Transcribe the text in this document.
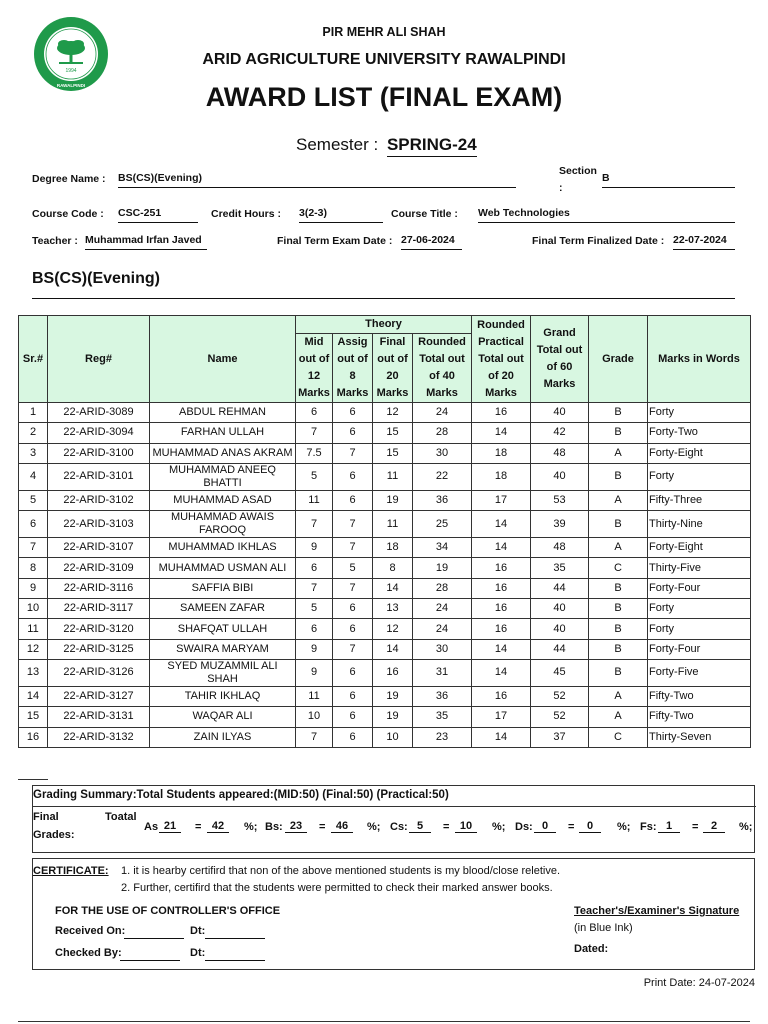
1994
RAWALPINDI
PIR MEHR ALI SHAH
ARID AGRICULTURE UNIVERSITY RAWALPINDI
AWARD LIST (FINAL EXAM)
Semester : SPRING-24
Degree Name : BS(CS)(Evening)
Section
:
B
Course Code : CSC-251	Credit Hours : 3(2-3)	Course Title : Web Technologies
Teacher : Muhammad Irfan Javed	Final Term Exam Date : 27-06-2024	Final Term Finalized Date : 22-07-2024
BS(CS)(Evening)
Sr.#	Reg#	Name	Theory				Rounded Practical Total out of 20 Marks	Grand Total out of 60 Marks	Grade	Marks in Words
			Mid out of 12 Marks	Assig out of 8 Marks	Final out of 20 Marks	Rounded Total out of 40 Marks				
1	22-ARID-3089	ABDUL REHMAN	6	6	12	24	16	40	B	Forty
2	22-ARID-3094	FARHAN ULLAH	7	6	15	28	14	42	B	Forty-Two
3	22-ARID-3100	MUHAMMAD ANAS AKRAM	7.5	7	15	30	18	48	A	Forty-Eight
4	22-ARID-3101	MUHAMMAD ANEEQ BHATTI	5	6	11	22	18	40	B	Forty
5	22-ARID-3102	MUHAMMAD ASAD	11	6	19	36	17	53	A	Fifty-Three
6	22-ARID-3103	MUHAMMAD AWAIS FAROOQ	7	7	11	25	14	39	B	Thirty-Nine
7	22-ARID-3107	MUHAMMAD IKHLAS	9	7	18	34	14	48	A	Forty-Eight
8	22-ARID-3109	MUHAMMAD USMAN ALI	6	5	8	19	16	35	C	Thirty-Five
9	22-ARID-3116	SAFFIA BIBI	7	7	14	28	16	44	B	Forty-Four
10	22-ARID-3117	SAMEEN ZAFAR	5	6	13	24	16	40	B	Forty
11	22-ARID-3120	SHAFQAT ULLAH	6	6	12	24	16	40	B	Forty
12	22-ARID-3125	SWAIRA MARYAM	9	7	14	30	14	44	B	Forty-Four
13	22-ARID-3126	SYED MUZAMMIL ALI SHAH	9	6	16	31	14	45	B	Forty-Five
14	22-ARID-3127	TAHIR IKHLAQ	11	6	19	36	16	52	A	Fifty-Two
15	22-ARID-3131	WAQAR ALI	10	6	19	35	17	52	A	Fifty-Two
16	22-ARID-3132	ZAIN ILYAS	7	6	10	23	14	37	C	Thirty-Seven
Grading Summary:Total Students appeared:(MID:50) (Final:50) (Practical:50)
Final	Toatal
Grades:
As 21	= 42	%; Bs: 23	= 46	%; Cs: 5	= 10	%; Ds: 0	=	0	%; Fs: 1	=	2	%;
CERTIFICATE: 1. it is hearby certifird that non of the above mentioned students is my blood/close reletive.
2. Further, certifird that the students were permitted to check their marked answer books.
FOR THE USE OF CONTROLLER'S OFFICE
Received On:	Dt:
Checked By:	Dt:
Teacher's/Examiner's Signature
(in Blue Ink)
Dated:
Print Date: 24-07-2024
